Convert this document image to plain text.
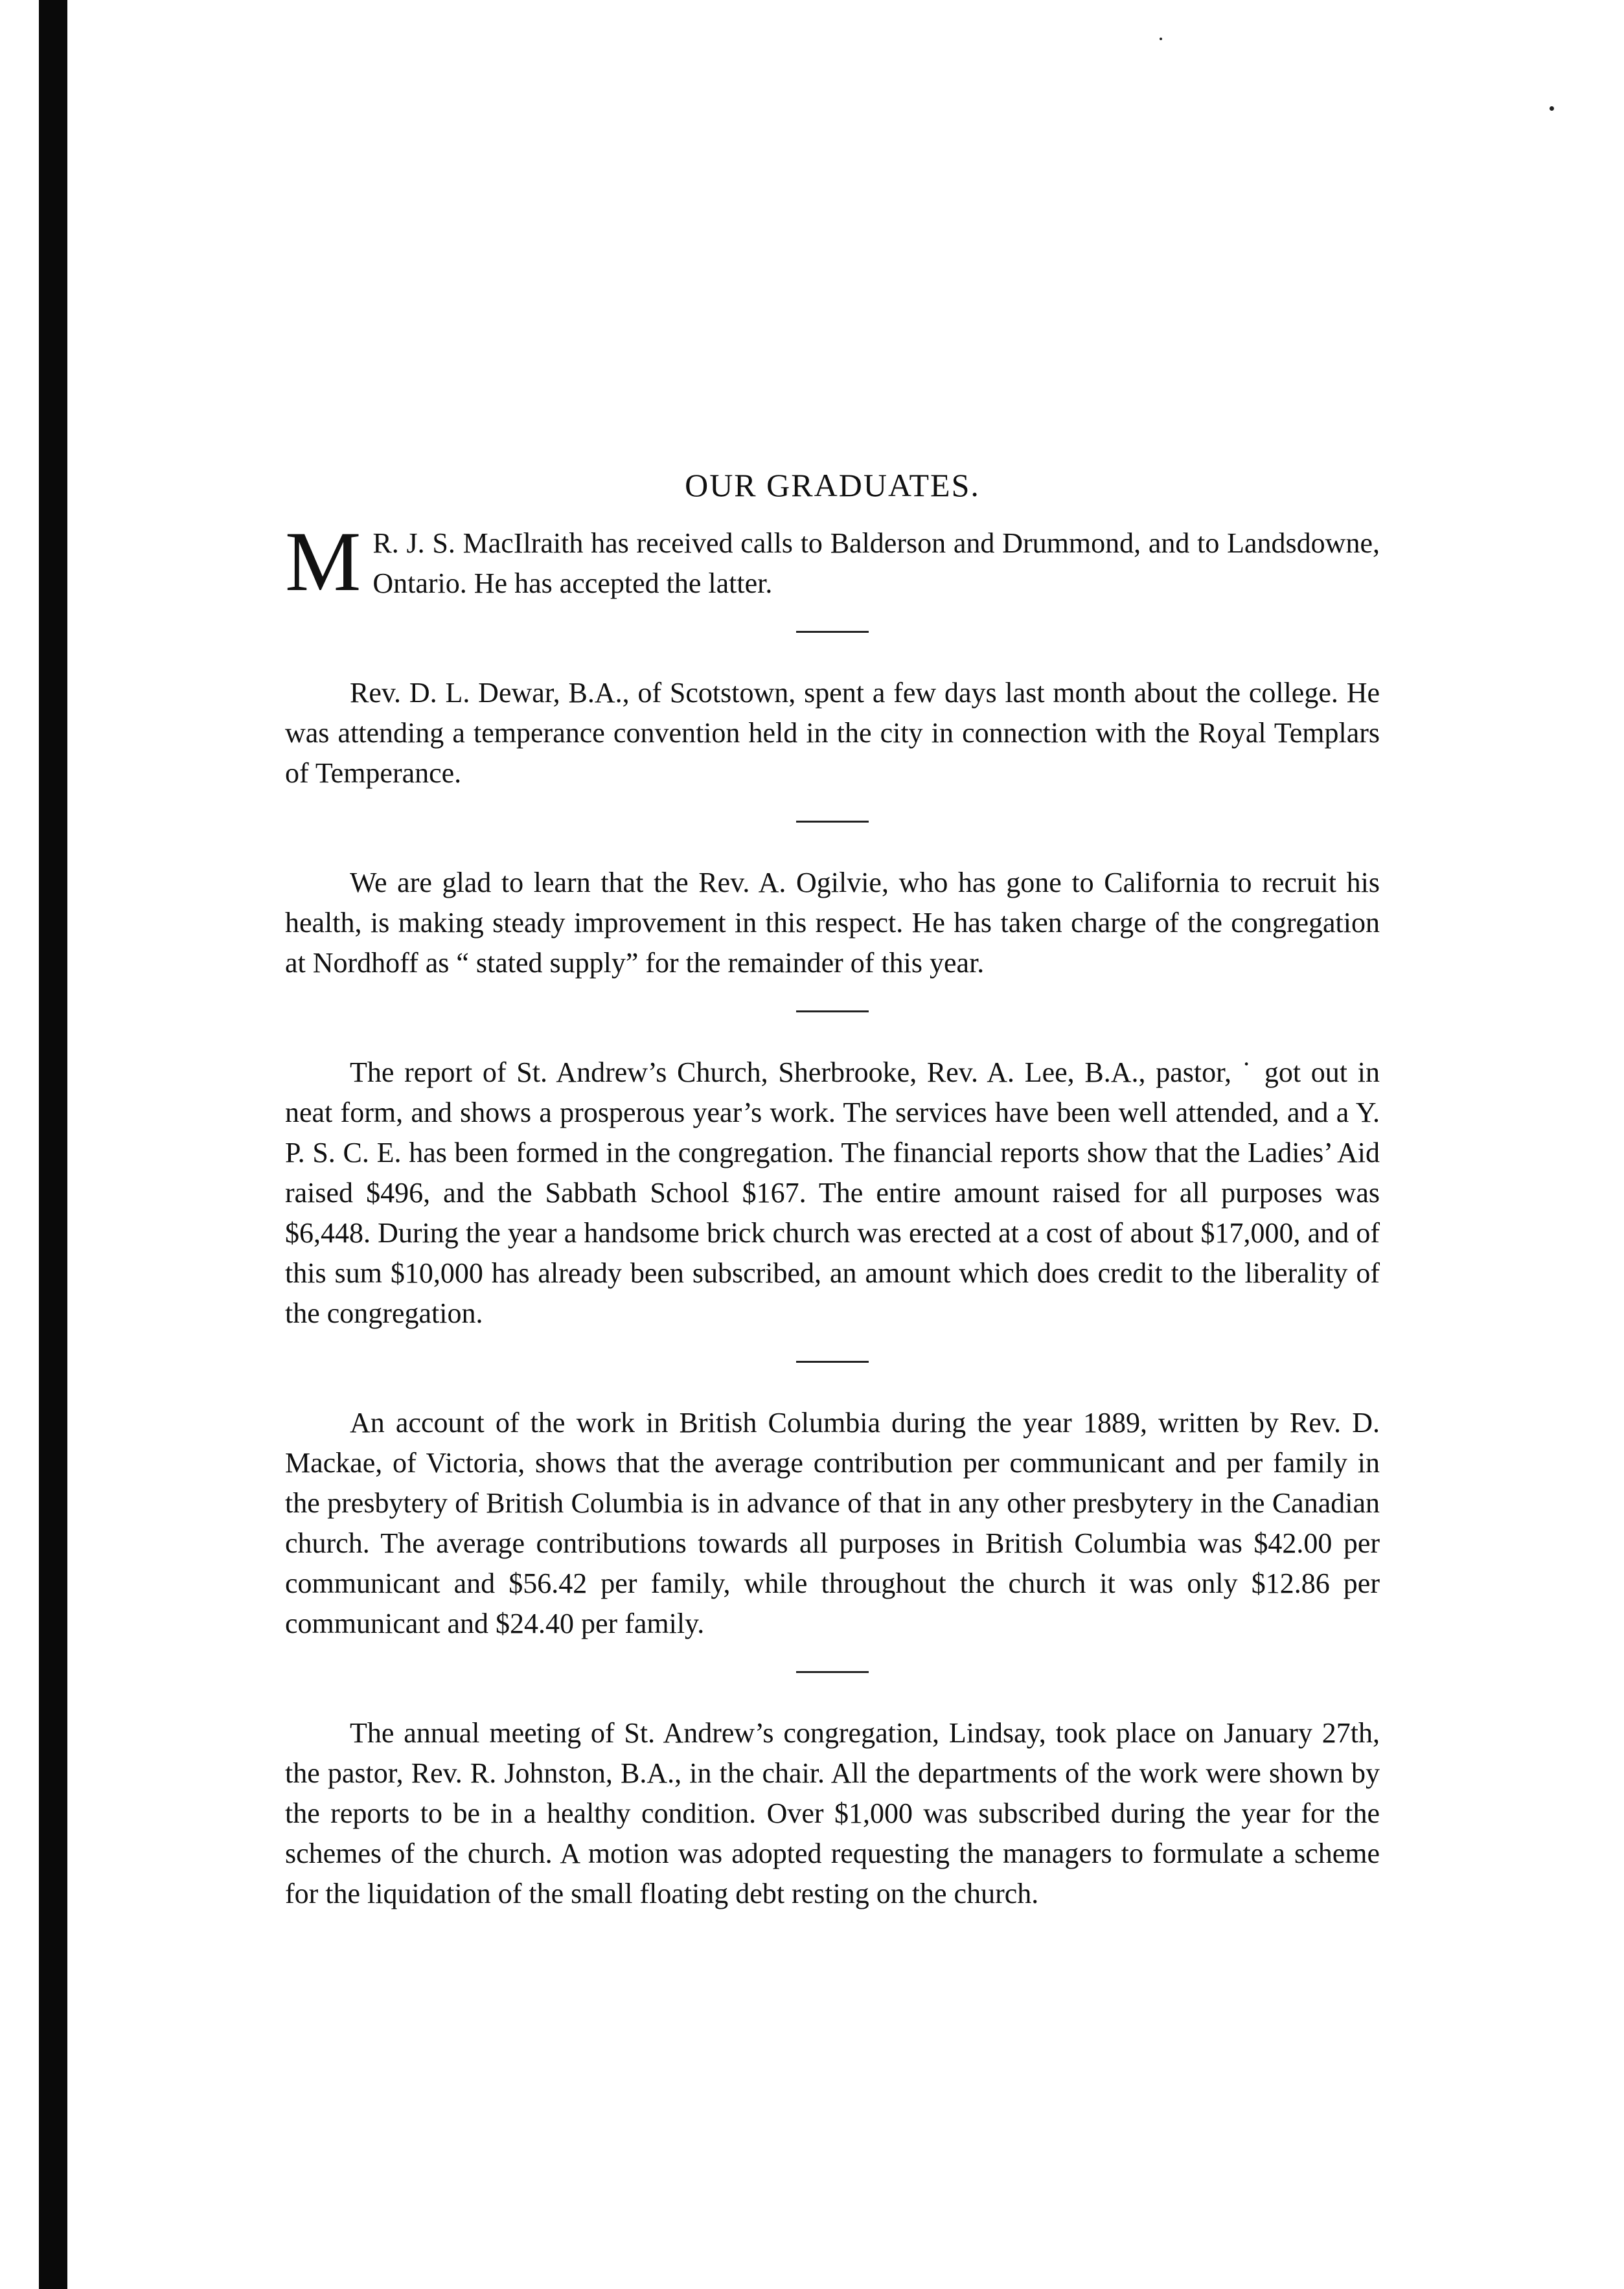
OUR GRADUATES.

M R. J. S. MacIlraith has received calls to Balderson and Drummond, and to Landsdowne, Ontario. He has accepted the latter.

Rev. D. L. Dewar, B.A., of Scotstown, spent a few days last month about the college. He was attending a temperance convention held in the city in connection with the Royal Templars of Temperance.

We are glad to learn that the Rev. A. Ogilvie, who has gone to California to recruit his health, is making steady improvement in this respect. He has taken charge of the congregation at Nordhoff as “ stated supply” for the remainder of this year.

The report of St. Andrew’s Church, Sherbrooke, Rev. A. Lee, B.A., pastor, ˙ got out in neat form, and shows a prosperous year’s work. The services have been well attended, and a Y. P. S. C. E. has been formed in the congregation. The financial reports show that the Ladies’ Aid raised $496, and the Sabbath School $167. The entire amount raised for all purposes was $6,448. During the year a handsome brick church was erected at a cost of about $17,000, and of this sum $10,000 has already been subscribed, an amount which does credit to the liberality of the congregation.

An account of the work in British Columbia during the year 1889, written by Rev. D. Mackae, of Victoria, shows that the average contribution per communicant and per family in the presbytery of British Columbia is in advance of that in any other presbytery in the Canadian church. The average contributions towards all purposes in British Columbia was $42.00 per communicant and $56.42 per family, while throughout the church it was only $12.86 per communicant and $24.40 per family.

The annual meeting of St. Andrew’s congregation, Lindsay, took place on January 27th, the pastor, Rev. R. Johnston, B.A., in the chair. All the departments of the work were shown by the reports to be in a healthy condition. Over $1,000 was subscribed during the year for the schemes of the church. A motion was adopted requesting the managers to formulate a scheme for the liquidation of the small floating debt resting on the church.
